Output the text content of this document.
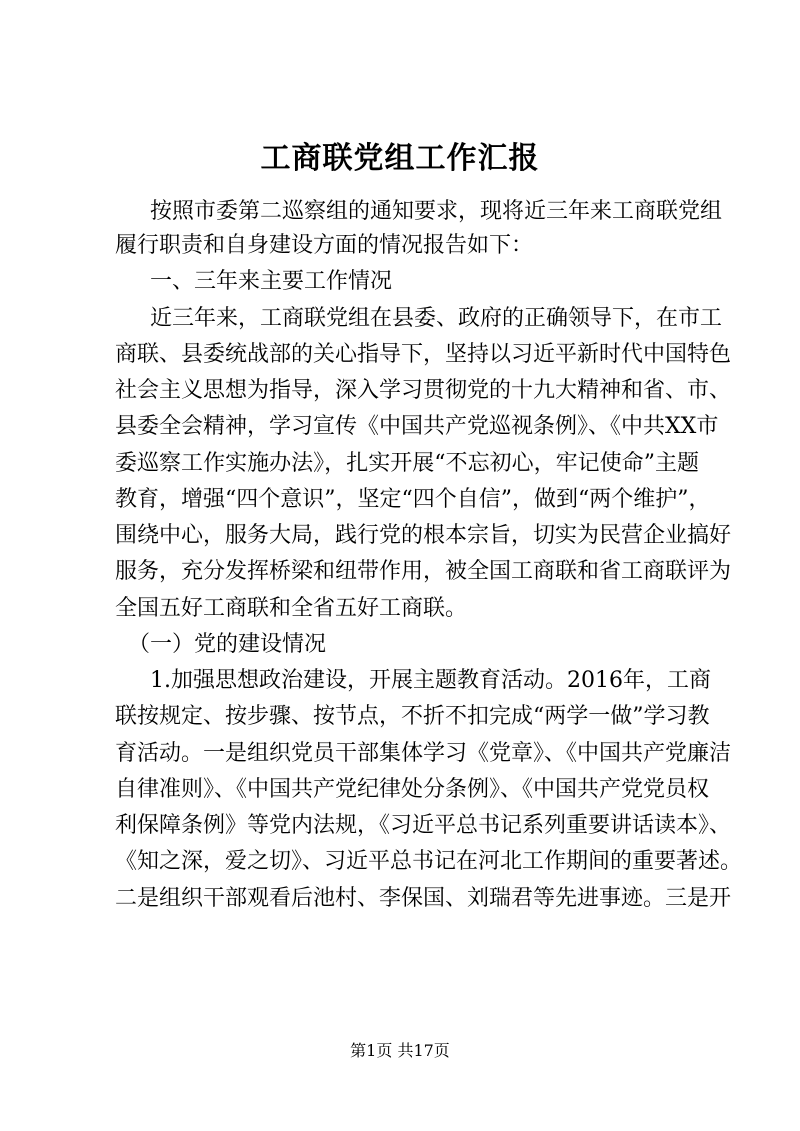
工商联党组工作汇报

按照市委第二巡察组的通知要求，现将近三年来工商联党组

履行职责和自身建设方面的情况报告如下：

一、三年来主要工作情况

近三年来，工商联党组在县委、政府的正确领导下，在市工

商联、县委统战部的关心指导下，坚持以习近平新时代中国特色

社会主义思想为指导，深入学习贯彻党的十九大精神和省、市、

县委全会精神，学习宣传《中国共产党巡视条例》、《中共XX市

委巡察工作实施办法》，扎实开展“不忘初心，牢记使命”主题

教育，增强“四个意识”，坚定“四个自信”，做到“两个维护”，

围绕中心，服务大局，践行党的根本宗旨，切实为民营企业搞好

服务，充分发挥桥梁和纽带作用，被全国工商联和省工商联评为

全国五好工商联和全省五好工商联。

（一）党的建设情况

1.加强思想政治建设，开展主题教育活动。2016年，工商

联按规定、按步骤、按节点，不折不扣完成“两学一做”学习教

育活动。一是组织党员干部集体学习《党章》、《中国共产党廉洁

自律准则》、《中国共产党纪律处分条例》、《中国共产党党员权

利保障条例》等党内法规，《习近平总书记系列重要讲话读本》、

《知之深，爱之切》、习近平总书记在河北工作期间的重要著述。

二是组织干部观看后池村、李保国、刘瑞君等先进事迹。三是开

第1页 共17页
